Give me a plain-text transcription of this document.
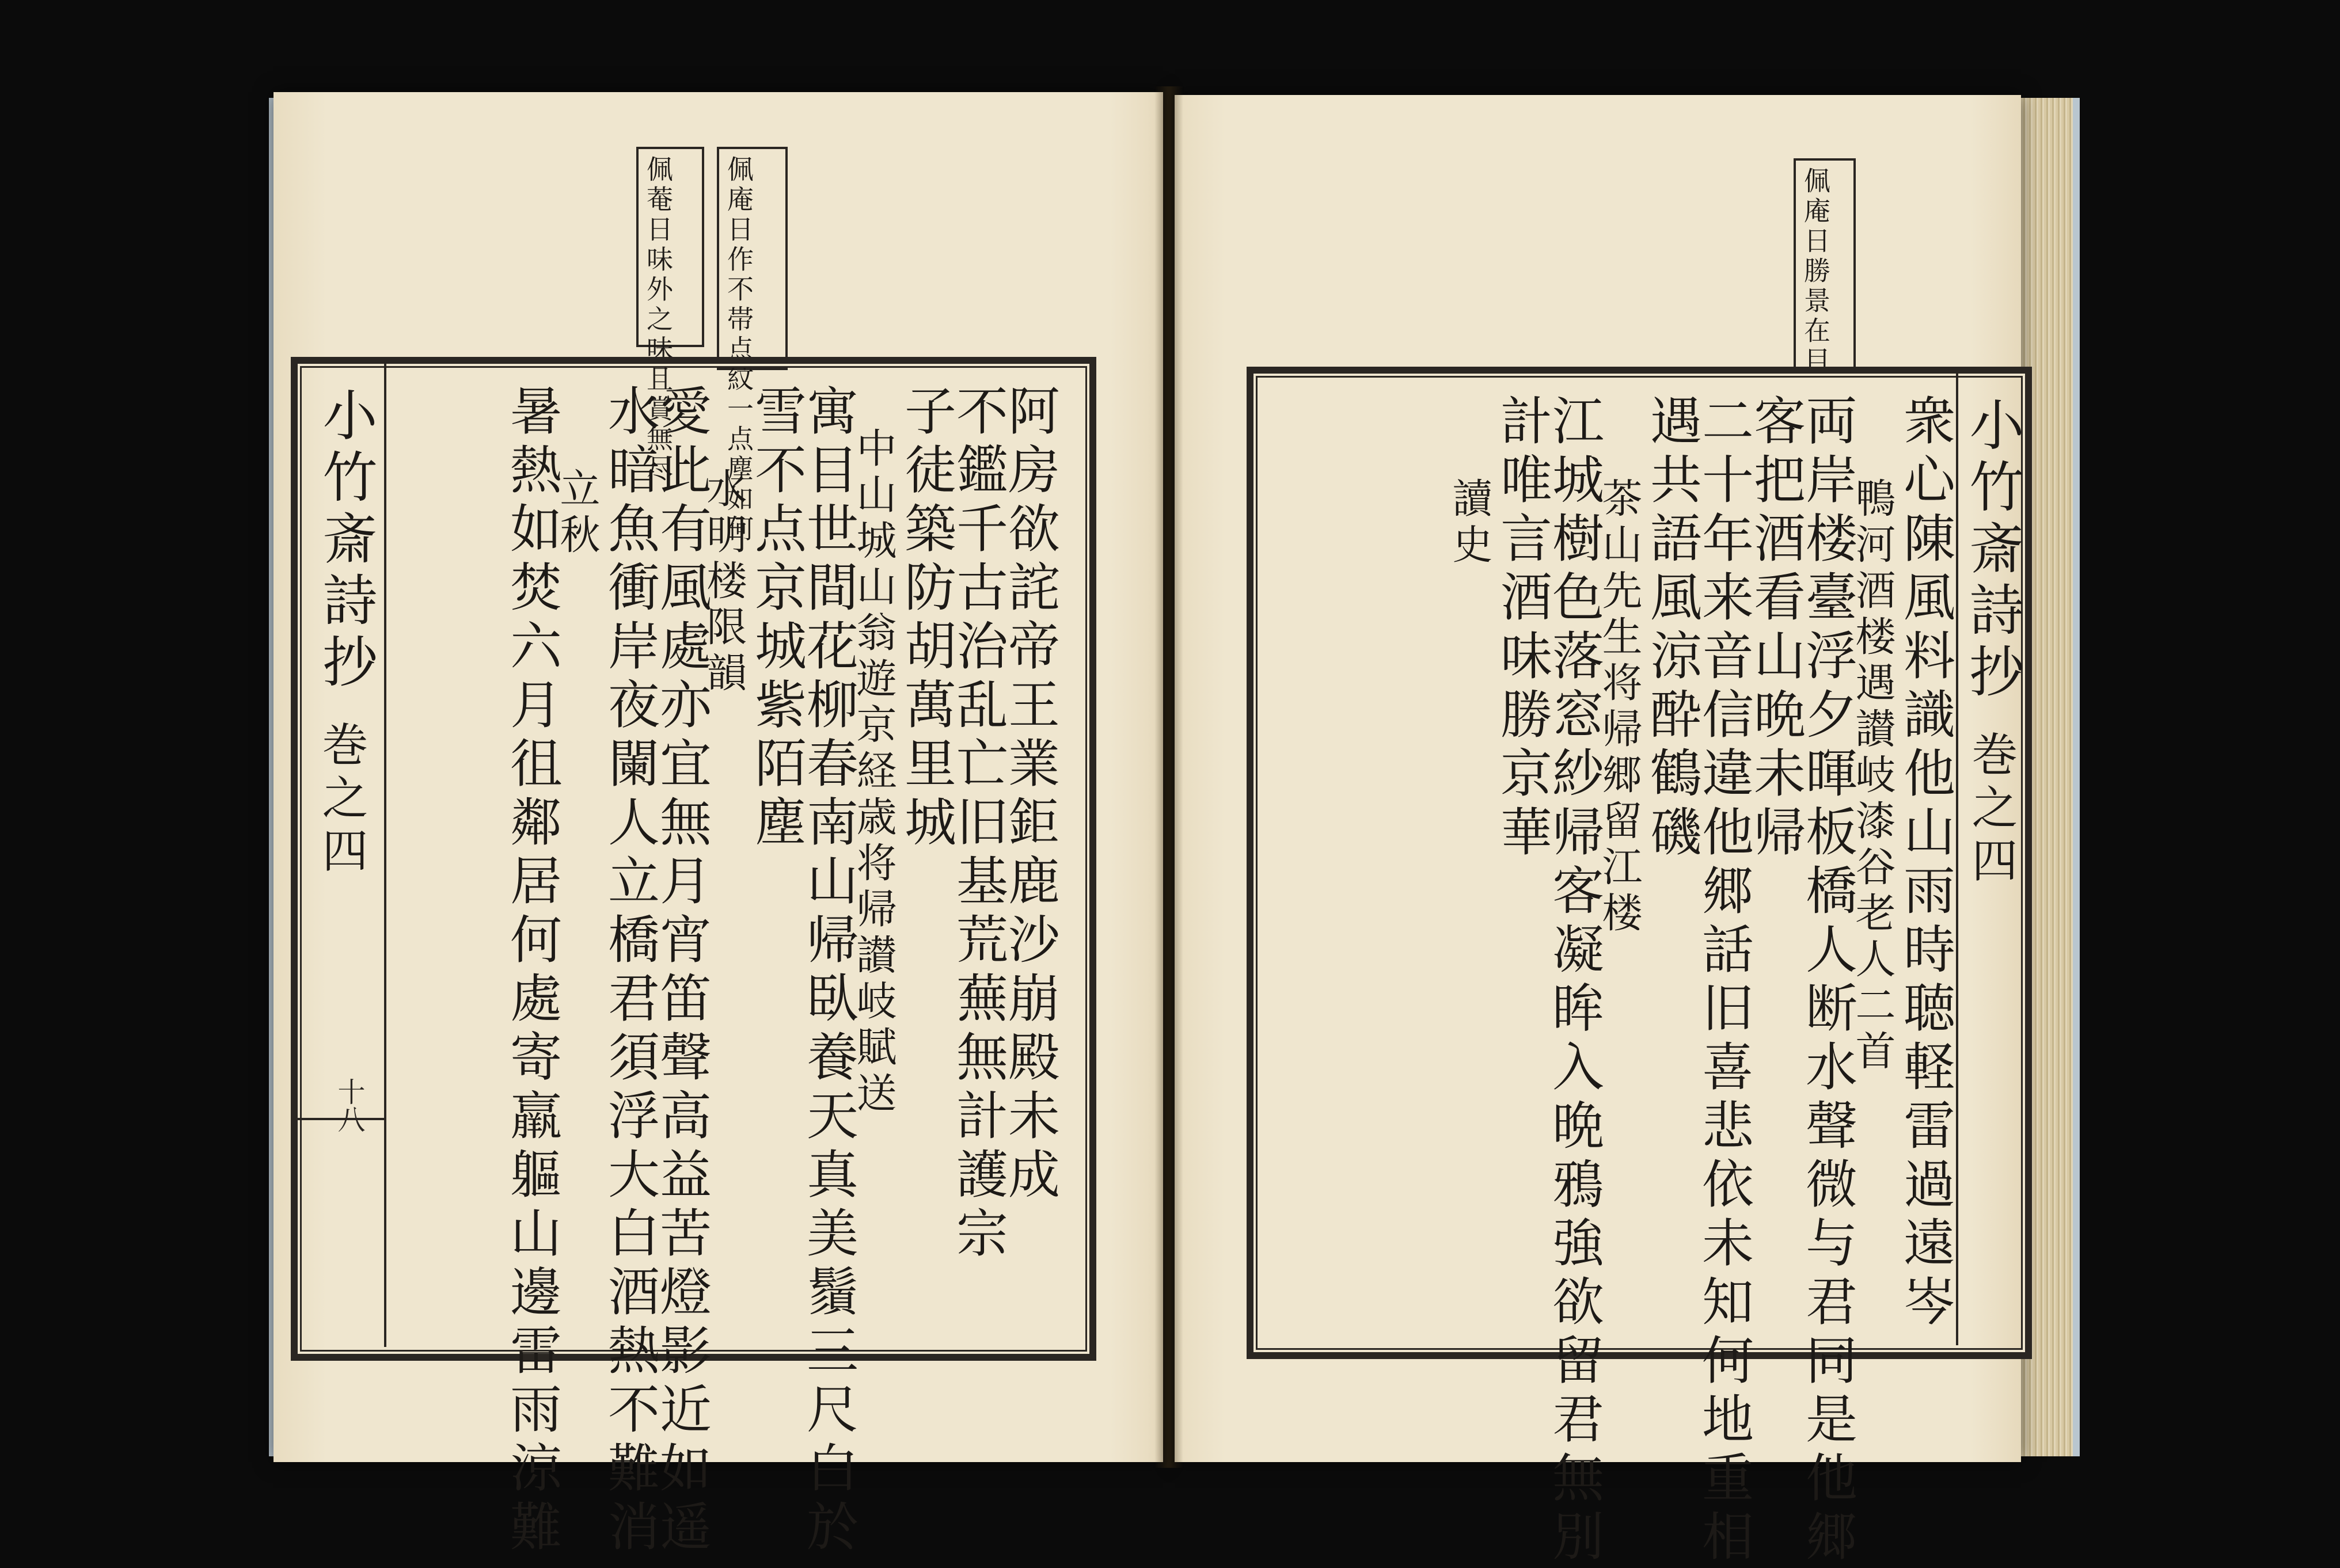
佩庵日作不帯点紋一点塵如何
佩菴日味外之味且賞無尽
阿房欲詫帝王業鉅鹿沙崩殿未成
不鑑千古治乱亡旧基荒蕪無計護宗
子徒築防胡萬里城
中山城山翁遊京経歳将帰讃岐賦送
寓目世間花柳春南山帰臥養天真美鬚三尺白於
雪不点京城紫陌塵
水明楼限韻
愛此有風處亦宜無月宵笛聲高益苦燈影近如遥
水暗魚衝岸夜闌人立橋君須浮大白酒熱不難消
立秋
暑熱如焚六月徂鄰居何處寄羸軀山邊雷雨涼難
小竹斎詩抄
巻之四
十八
佩庵日勝景在目
小竹斎詩抄
巻之四
衆心陳風料識他山雨時聴軽雷過遠岑
鴨河酒楼遇讃岐漆谷老人二首
両岸楼臺浮夕暉板橋人断水聲微与君同是他郷
客把酒看山晩未帰
二十年来音信違他郷話旧喜悲依未知何地重相
遇共語風涼酔鶴磯
茶山先生将帰郷留江楼
江城樹色落窓紗帰客凝眸入晩鴉強欲留君無別
計唯言酒味勝京華
讀史
